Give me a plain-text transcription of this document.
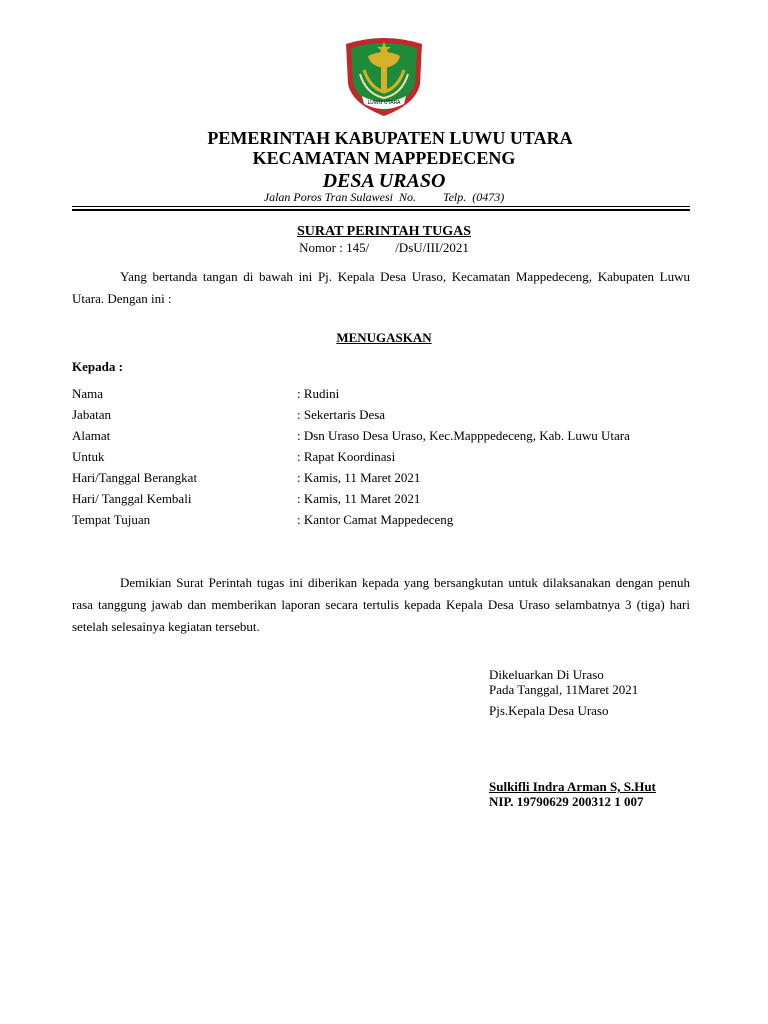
LUWU UTARA
PEMERINTAH KABUPATEN LUWU UTARA
KECAMATAN MAPPEDECENG
DESA URASO
Jalan Poros Tran Sulawesi  No.         Telp.  (0473)
SURAT PERINTAH TUGAS
Nomor : 145/        /DsU/III/2021
Yang bertanda tangan di bawah ini Pj. Kepala Desa Uraso, Kecamatan Mappedeceng, Kabupaten Luwu Utara. Dengan ini :
MENUGASKAN
Kepada :
Nama	: Rudini
Jabatan	: Sekertaris Desa
Alamat	: Dsn Uraso Desa Uraso, Kec.Mapppedeceng, Kab. Luwu Utara
Untuk	: Rapat Koordinasi
Hari/Tanggal Berangkat	: Kamis, 11 Maret 2021
Hari/ Tanggal Kembali	: Kamis, 11 Maret 2021
Tempat Tujuan	: Kantor Camat Mappedeceng
Demikian Surat Perintah tugas ini diberikan kepada yang bersangkutan untuk dilaksanakan dengan penuh rasa tanggung jawab dan memberikan laporan secara tertulis kepada Kepala Desa Uraso selambatnya 3 (tiga) hari setelah selesainya kegiatan tersebut.
Dikeluarkan Di Uraso
Pada Tanggal, 11Maret 2021
Pjs.Kepala Desa Uraso
Sulkifli Indra Arman S, S.Hut
NIP. 19790629 200312 1 007
